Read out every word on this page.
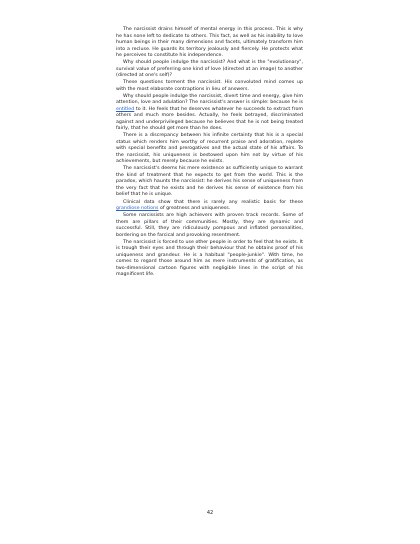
The narcissist drains himself of mental energy in this process. This is why he has none left to dedicate to others. This fact, as well as his inability to love human beings in their many dimensions and facets, ultimately transform him into a recluse. He guards its territory jealously and fiercely. He protects what he perceives to constitute his independence.

Why should people indulge the narcissist? And what is the "evolutionary", survival value of preferring one kind of love (directed at an image) to another (directed at one's self)?

These questions torment the narcissist. His convoluted mind comes up with the most elaborate contraptions in lieu of answers.

Why should people indulge the narcissist, divert time and energy, give him attention, love and adulation? The narcissist's answer is simple: because he is entitled to it. He feels that he deserves whatever he succeeds to extract from others and much more besides. Actually, he feels betrayed, discriminated against and underprivileged because he believes that he is not being treated fairly, that he should get more than he does.

There is a discrepancy between his infinite certainty that his is a special status which renders him worthy of recurrent praise and adoration, replete with special benefits and prerogatives and the actual state of his affairs. To the narcissist, his uniqueness is bestowed upon him not by virtue of his achievements, but merely because he exists.

The narcissist's deems his mere existence as sufficiently unique to warrant the kind of treatment that he expects to get from the world. This is the paradox, which haunts the narcissist: he derives his sense of uniqueness from the very fact that he exists and he derives his sense of existence from his belief that he is unique.

Clinical data show that there is rarely any realistic basis for these grandiose notions of greatness and uniqueness.

Some narcissists are high achievers with proven track records. Some of them are pillars of their communities. Mostly, they are dynamic and successful. Still, they are ridiculously pompous and inflated personalities, bordering on the farcical and provoking resentment.

The narcissist is forced to use other people in order to feel that he exists. It is trough their eyes and through their behaviour that he obtains proof of his uniqueness and grandeur. He is a habitual "people-junkie". With time, he comes to regard those around him as mere instruments of gratification, as two-dimensional cartoon figures with negligible lines in the script of his magnificent life.

42
